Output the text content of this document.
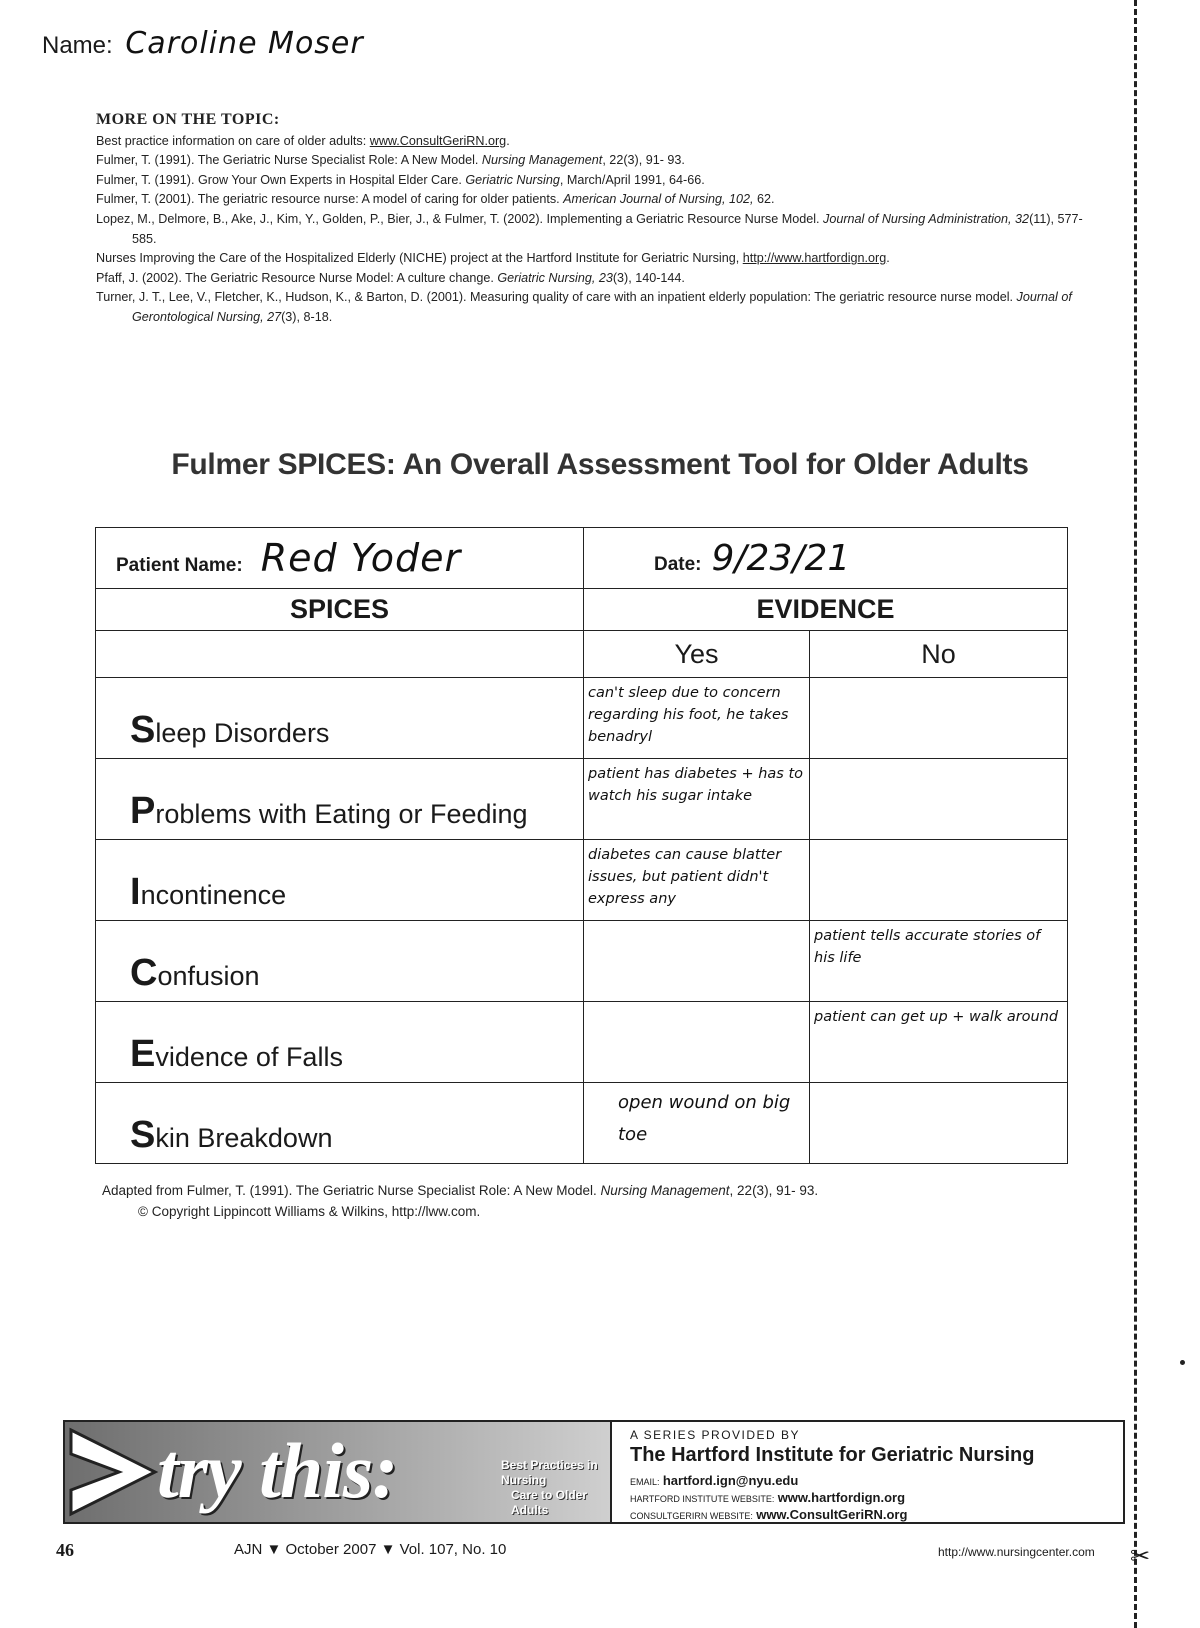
Name: Caroline Moser
MORE ON THE TOPIC:
Best practice information on care of older adults: www.ConsultGeriRN.org.
Fulmer, T. (1991). The Geriatric Nurse Specialist Role: A New Model. Nursing Management, 22(3), 91- 93.
Fulmer, T. (1991). Grow Your Own Experts in Hospital Elder Care. Geriatric Nursing, March/April 1991, 64-66.
Fulmer, T. (2001). The geriatric resource nurse: A model of caring for older patients. American Journal of Nursing, 102, 62.
Lopez, M., Delmore, B., Ake, J., Kim, Y., Golden, P., Bier, J., & Fulmer, T. (2002). Implementing a Geriatric Resource Nurse Model. Journal of Nursing Administration, 32(11), 577-585.
Nurses Improving the Care of the Hospitalized Elderly (NICHE) project at the Hartford Institute for Geriatric Nursing, http://www.hartfordign.org.
Pfaff, J. (2002). The Geriatric Resource Nurse Model: A culture change. Geriatric Nursing, 23(3), 140-144.
Turner, J. T., Lee, V., Fletcher, K., Hudson, K., & Barton, D. (2001). Measuring quality of care with an inpatient elderly population: The geriatric resource nurse model. Journal of Gerontological Nursing, 27(3), 8-18.
Fulmer SPICES: An Overall Assessment Tool for Older Adults
Patient Name: Red Yoder	Date: 9/23/21	
SPICES	EVIDENCE	
	Yes	No
Sleep Disorders	can't sleep due to concern regarding his foot, he takes benadryl	
Problems with Eating or Feeding	patient has diabetes + has to watch his sugar intake	
Incontinence	diabetes can cause blatter issues, but patient didn't express any	
Confusion		patient tells accurate stories of his life
Evidence of Falls		patient can get up + walk around
Skin Breakdown	open wound on big toe	
Adapted from Fulmer, T. (1991). The Geriatric Nurse Specialist Role: A New Model. Nursing Management, 22(3), 91- 93.
© Copyright Lippincott Williams & Wilkins, http://lww.com.
try this:	Best Practices in Nursing
Care to Older Adults
A SERIES PROVIDED BY
The Hartford Institute for Geriatric Nursing
EMAIL: hartford.ign@nyu.edu
HARTFORD INSTITUTE WEBSITE: www.hartfordign.org
CONSULTGERIRN WEBSITE: www.ConsultGeriRN.org
46	AJN ▼ October 2007 ▼ Vol. 107, No. 10	http://www.nursingcenter.com ✂
